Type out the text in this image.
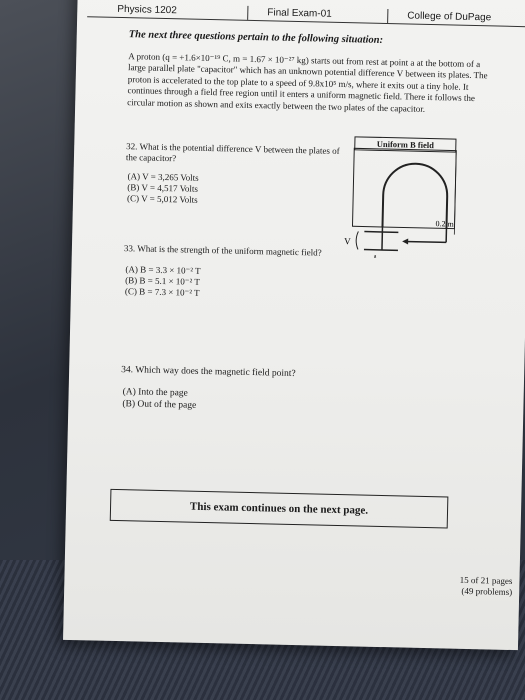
Physics 1202	Final Exam-01	College of DuPage
The next three questions pertain to the following situation:
A proton (q = +1.6×10⁻¹⁹ C, m = 1.67 × 10⁻²⁷ kg) starts out from rest at point a at the bottom of a large parallel plate "capacitor" which has an unknown potential difference V between its plates. The proton is accelerated to the top plate to a speed of 9.8x10⁵ m/s, where it exits out a tiny hole. It continues through a field free region until it enters a uniform magnetic field. There it follows the circular motion as shown and exits exactly between the two plates of the capacitor.
32. What is the potential difference V between the plates of the capacitor?
(A) V = 3,265 Volts
(B) V = 4,517 Volts
(C) V = 5,012 Volts
Uniform B field
a
V
0.2 m
33. What is the strength of the uniform magnetic field?
(A) B = 3.3 × 10⁻² T
(B) B = 5.1 × 10⁻² T
(C) B = 7.3 × 10⁻² T
34. Which way does the magnetic field point?
(A) Into the page
(B) Out of the page
This exam continues on the next page.
15 of 21 pages
(49 problems)
